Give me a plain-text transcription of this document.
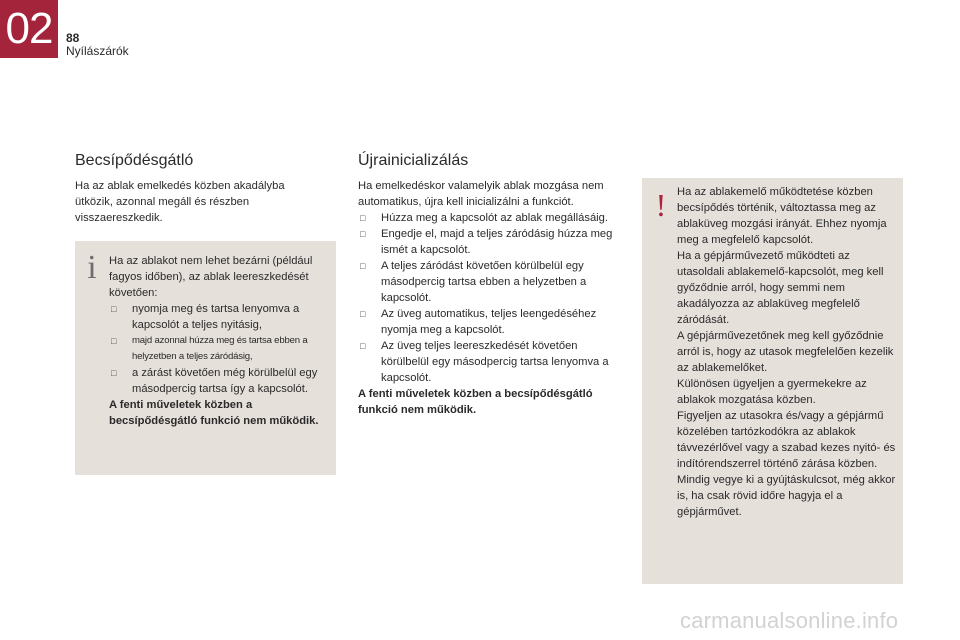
02	88
Nyílászárók
Becsípődésgátló

Ha az ablak emelkedés közben akadályba ütközik, azonnal megáll és részben visszaereszkedik.

i Ha az ablakot nem lehet bezárni (például fagyos időben), az ablak leereszkedését követően:

□ nyomja meg és tartsa lenyomva a kapcsolót a teljes nyitásig,
□ majd azonnal húzza meg és tartsa ebben a helyzetben a teljes záródásig,
□ a zárást követően még körülbelül egy másodpercig tartsa így a kapcsolót.

A fenti műveletek közben a becsípődésgátló funkció nem működik.

Újrainicializálás

Ha emelkedéskor valamelyik ablak mozgása nem automatikus, újra kell inicializálni a funkciót.

□ Húzza meg a kapcsolót az ablak megállásáig.
□ Engedje el, majd a teljes záródásig húzza meg ismét a kapcsolót.
□ A teljes záródást követően körülbelül egy másodpercig tartsa ebben a helyzetben a kapcsolót.
□ Az üveg automatikus, teljes leengedéséhez nyomja meg a kapcsolót.
□ Az üveg teljes leereszkedését követően körülbelül egy másodpercig tartsa lenyomva a kapcsolót.

A fenti műveletek közben a becsípődésgátló funkció nem működik.

! Ha az ablakemelő működtetése közben becsípődés történik, változtassa meg az ablaküveg mozgási irányát. Ehhez nyomja meg a megfelelő kapcsolót.

Ha a gépjárművezető működteti az utasoldali ablakemelő-kapcsolót, meg kell győződnie arról, hogy semmi nem akadályozza az ablaküveg megfelelő záródását.

A gépjárművezetőnek meg kell győződnie arról is, hogy az utasok megfelelően kezelik az ablakemelőket.

Különösen ügyeljen a gyermekekre az ablakok mozgatása közben.

Figyeljen az utasokra és/vagy a gépjármű közelében tartózkodókra az ablakok távvezérlővel vagy a szabad kezes nyitó- és indítórendszerrel történő zárása közben.

Mindig vegye ki a gyújtáskulcsot, még akkor is, ha csak rövid időre hagyja el a gépjárművet.

carmanualsonline.info
